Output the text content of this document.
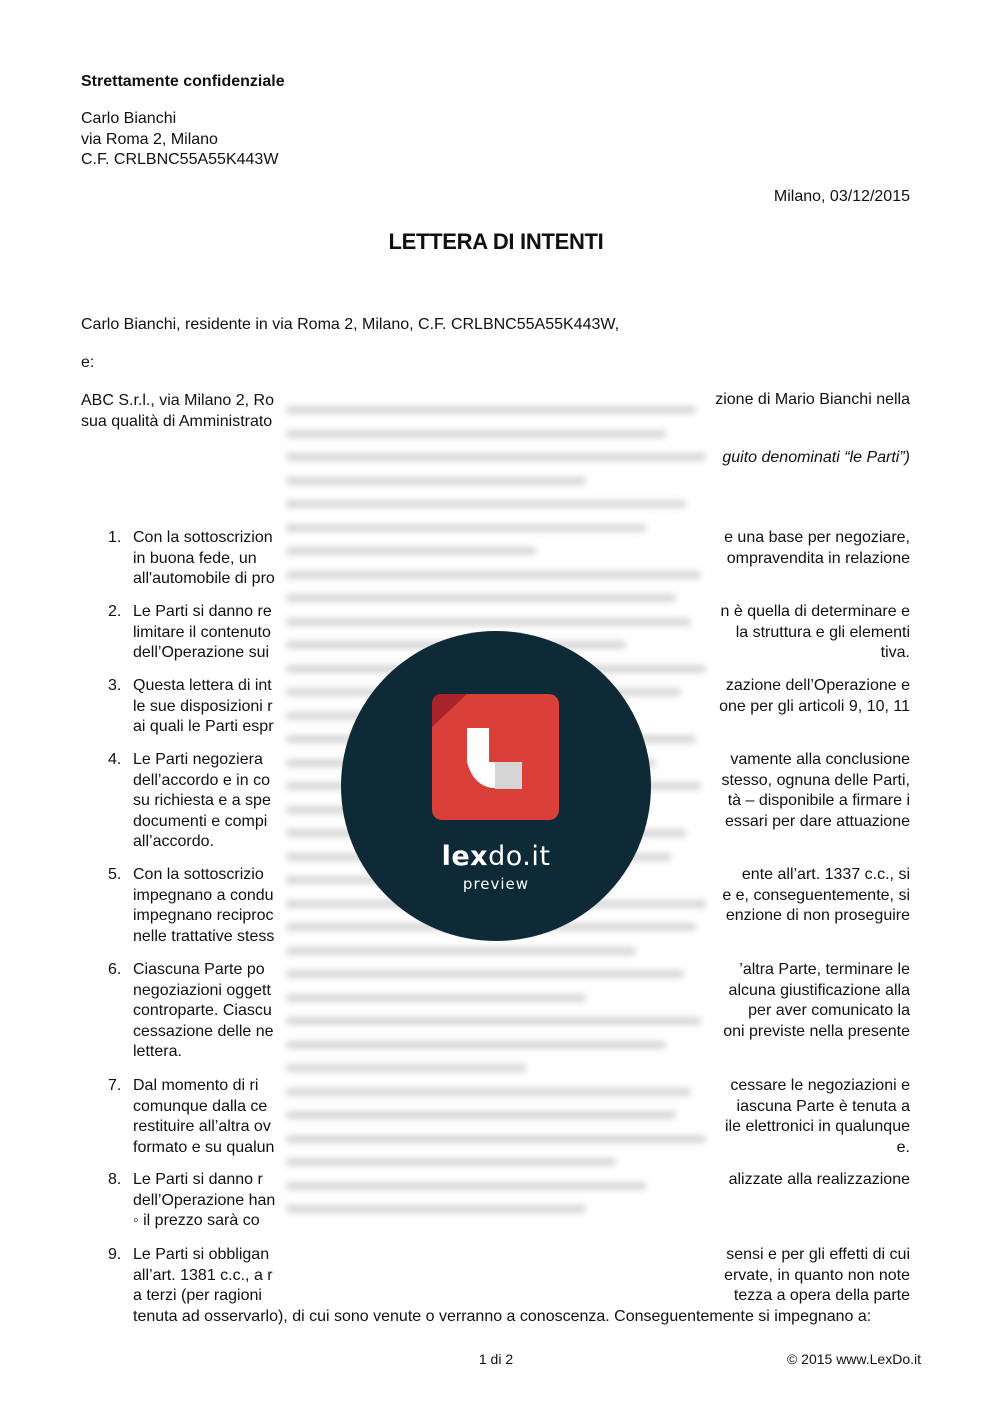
Strettamente confidenziale
Carlo Bianchi
via Roma 2, Milano
C.F. CRLBNC55A55K443W
Milano, 03/12/2015
LETTERA DI INTENTI
Carlo Bianchi, residente in via Roma 2, Milano, C.F. CRLBNC55A55K443W,
e:
ABC S.r.l., via Milano 2, Ro
sua qualità di Amministrato
zione di Mario Bianchi nella
guito denominati “le Parti”)
1. Con la sottoscrizion	e una base per negoziare,
in buona fede, un	ompravendita in relazione
all'automobile di pro
2. Le Parti si danno re	n è quella di determinare e
limitare il contenuto	la struttura e gli elementi
dell’Operazione sui	tiva.
3. Questa lettera di int	zazione dell’Operazione e
le sue disposizioni r	one per gli articoli 9, 10, 11
ai quali le Parti espr
4. Le Parti negoziera	vamente alla conclusione
dell’accordo e in co	stesso, ognuna delle Parti,
su richiesta e a spe	tà – disponibile a firmare i
documenti e compi	essari per dare attuazione
all’accordo.
5. Con la sottoscrizio	ente all’art. 1337 c.c., si
impegnano a condu	e e, conseguentemente, si
impegnano reciproc	enzione di non proseguire
nelle trattative stess
6. Ciascuna Parte po	’altra Parte, terminare le
negoziazioni oggett	alcuna giustificazione alla
controparte. Ciascu	per aver comunicato la
cessazione delle ne	oni previste nella presente
lettera.
7. Dal momento di ri	cessare le negoziazioni e
comunque dalla ce	iascuna Parte è tenuta a
restituire all’altra ov	ile elettronici in qualunque
formato e su qualun	e.
8. Le Parti si danno r	alizzate alla realizzazione
dell’Operazione han
◦ il prezzo sarà co
9. Le Parti si obbligan	sensi e per gli effetti di cui
all’art. 1381 c.c., a r	ervate, in quanto non note
a terzi (per ragioni	tezza a opera della parte
tenuta ad osservarlo), di cui sono venute o verranno a conoscenza. Conseguentemente si impegnano a:
lexdo.it
preview
1 di 2	© 2015 www.LexDo.it
